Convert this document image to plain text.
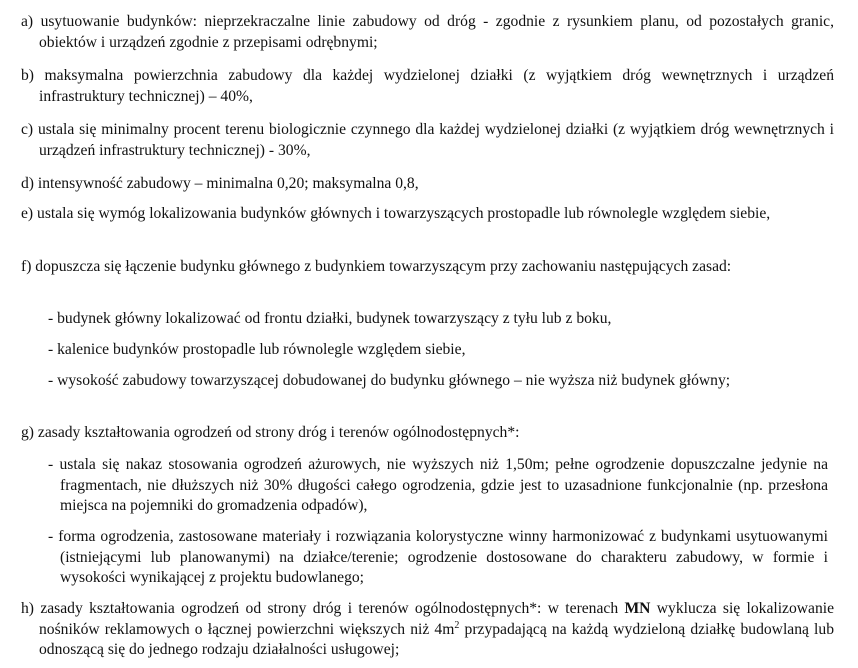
a) usytuowanie budynków: nieprzekraczalne linie zabudowy od dróg - zgodnie z rysunkiem planu, od pozostałych granic, obiektów i urządzeń zgodnie z przepisami odrębnymi;
b) maksymalna powierzchnia zabudowy dla każdej wydzielonej działki (z wyjątkiem dróg wewnętrznych i urządzeń infrastruktury technicznej) – 40%,
c) ustala się minimalny procent terenu biologicznie czynnego dla każdej wydzielonej działki (z wyjątkiem dróg wewnętrznych i urządzeń infrastruktury technicznej) - 30%,
d) intensywność zabudowy – minimalna 0,20; maksymalna 0,8,
e) ustala się wymóg lokalizowania budynków głównych i towarzyszących prostopadle lub równolegle względem siebie,
f) dopuszcza się łączenie budynku głównego z budynkiem towarzyszącym przy zachowaniu następujących zasad:
- budynek główny lokalizować od frontu działki, budynek towarzyszący z tyłu lub z boku,
- kalenice budynków prostopadle lub równolegle względem siebie,
- wysokość zabudowy towarzyszącej dobudowanej do budynku głównego – nie wyższa niż budynek główny;
g) zasady kształtowania ogrodzeń od strony dróg i terenów ogólnodostępnych*:
- ustala się nakaz stosowania ogrodzeń ażurowych, nie wyższych niż 1,50m; pełne ogrodzenie dopuszczalne jedynie na fragmentach, nie dłuższych niż 30% długości całego ogrodzenia, gdzie jest to uzasadnione funkcjonalnie (np. przesłona miejsca na pojemniki do gromadzenia odpadów),
- forma ogrodzenia, zastosowane materiały i rozwiązania kolorystyczne winny harmonizować z budynkami usytuowanymi (istniejącymi lub planowanymi) na działce/terenie; ogrodzenie dostosowane do charakteru zabudowy, w formie i wysokości wynikającej z projektu budowlanego;
h) zasady kształtowania ogrodzeń od strony dróg i terenów ogólnodostępnych*: w terenach MN wyklucza się lokalizowanie nośników reklamowych o łącznej powierzchni większych niż $4m^2$ przypadającą na każdą wydzieloną działkę budowlaną lub odnoszącą się do jednego rodzaju działalności usługowej;
